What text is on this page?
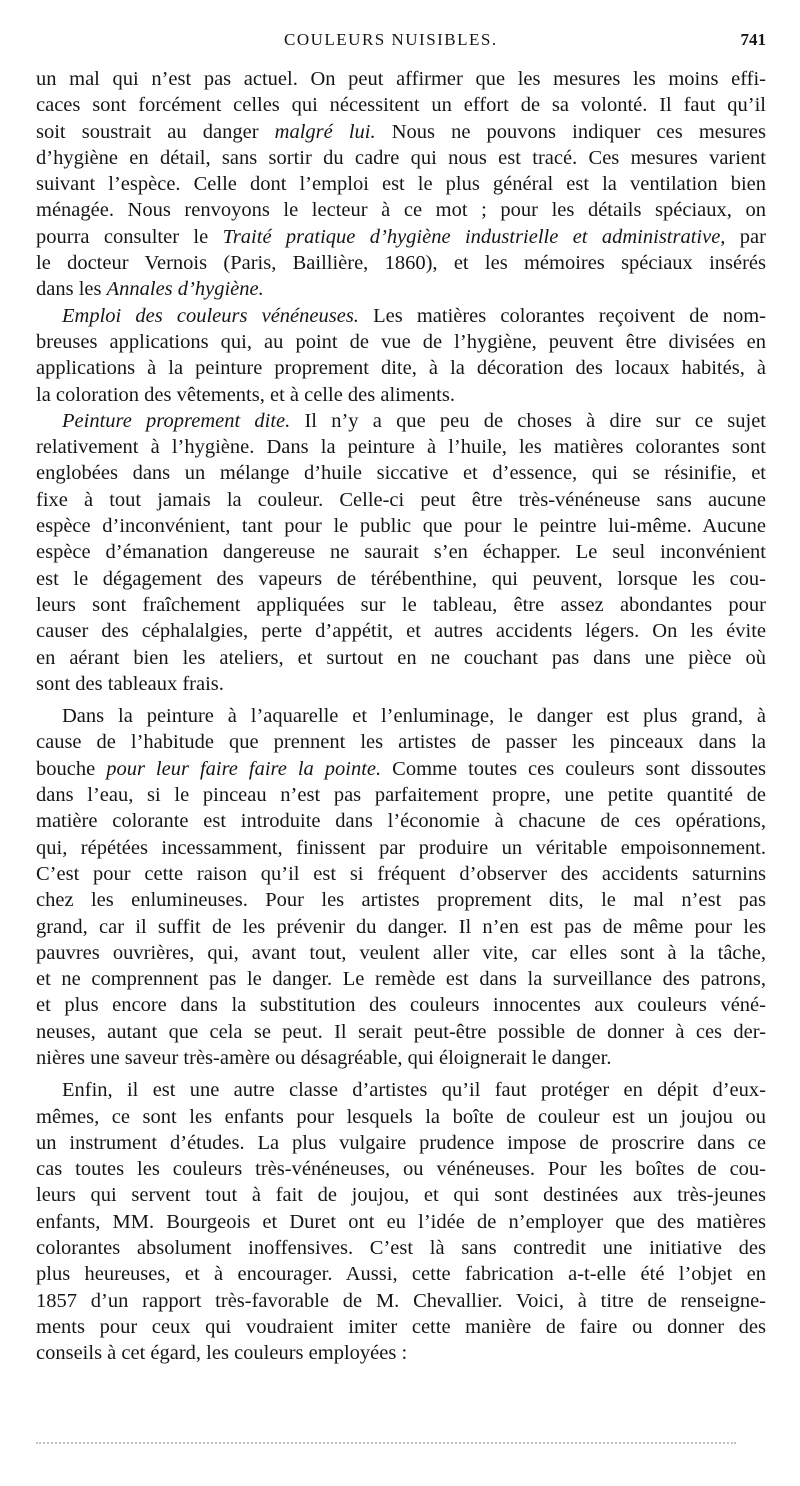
COULEURS NUISIBLES.	741
un mal qui n’est pas actuel. On peut affirmer que les mesures les moins effi-
caces sont forcément celles qui nécessitent un effort de sa volonté. Il faut qu’il
soit soustrait au danger malgré lui. Nous ne pouvons indiquer ces mesures
d’hygiène en détail, sans sortir du cadre qui nous est tracé. Ces mesures varient
suivant l’espèce. Celle dont l’emploi est le plus général est la ventilation bien
ménagée. Nous renvoyons le lecteur à ce mot ; pour les détails spéciaux, on
pourra consulter le Traité pratique d’hygiène industrielle et administrative, par
le docteur Vernois (Paris, Baillière, 1860), et les mémoires spéciaux insérés
dans les Annales d’hygiène.
Emploi des couleurs vénéneuses. Les matières colorantes reçoivent de nom-
breuses applications qui, au point de vue de l’hygiène, peuvent être divisées en
applications à la peinture proprement dite, à la décoration des locaux habités, à
la coloration des vêtements, et à celle des aliments.
Peinture proprement dite. Il n’y a que peu de choses à dire sur ce sujet
relativement à l’hygiène. Dans la peinture à l’huile, les matières colorantes sont
englobées dans un mélange d’huile siccative et d’essence, qui se résinifie, et
fixe à tout jamais la couleur. Celle-ci peut être très-vénéneuse sans aucune
espèce d’inconvénient, tant pour le public que pour le peintre lui-même. Aucune
espèce d’émanation dangereuse ne saurait s’en échapper. Le seul inconvénient
est le dégagement des vapeurs de térébenthine, qui peuvent, lorsque les cou-
leurs sont fraîchement appliquées sur le tableau, être assez abondantes pour
causer des céphalalgies, perte d’appétit, et autres accidents légers. On les évite
en aérant bien les ateliers, et surtout en ne couchant pas dans une pièce où
sont des tableaux frais.
Dans la peinture à l’aquarelle et l’enluminage, le danger est plus grand, à
cause de l’habitude que prennent les artistes de passer les pinceaux dans la
bouche pour leur faire faire la pointe. Comme toutes ces couleurs sont dissoutes
dans l’eau, si le pinceau n’est pas parfaitement propre, une petite quantité de
matière colorante est introduite dans l’économie à chacune de ces opérations,
qui, répétées incessamment, finissent par produire un véritable empoisonnement.
C’est pour cette raison qu’il est si fréquent d’observer des accidents saturnins
chez les enlumineuses. Pour les artistes proprement dits, le mal n’est pas
grand, car il suffit de les prévenir du danger. Il n’en est pas de même pour les
pauvres ouvrières, qui, avant tout, veulent aller vite, car elles sont à la tâche,
et ne comprennent pas le danger. Le remède est dans la surveillance des patrons,
et plus encore dans la substitution des couleurs innocentes aux couleurs véné-
neuses, autant que cela se peut. Il serait peut-être possible de donner à ces der-
nières une saveur très-amère ou désagréable, qui éloignerait le danger.
Enfin, il est une autre classe d’artistes qu’il faut protéger en dépit d’eux-
mêmes, ce sont les enfants pour lesquels la boîte de couleur est un joujou ou
un instrument d’études. La plus vulgaire prudence impose de proscrire dans ce
cas toutes les couleurs très-vénéneuses, ou vénéneuses. Pour les boîtes de cou-
leurs qui servent tout à fait de joujou, et qui sont destinées aux très-jeunes
enfants, MM. Bourgeois et Duret ont eu l’idée de n’employer que des matières
colorantes absolument inoffensives. C’est là sans contredit une initiative des
plus heureuses, et à encourager. Aussi, cette fabrication a-t-elle été l’objet en
1857 d’un rapport très-favorable de M. Chevallier. Voici, à titre de renseigne-
ments pour ceux qui voudraient imiter cette manière de faire ou donner des
conseils à cet égard, les couleurs employées :
